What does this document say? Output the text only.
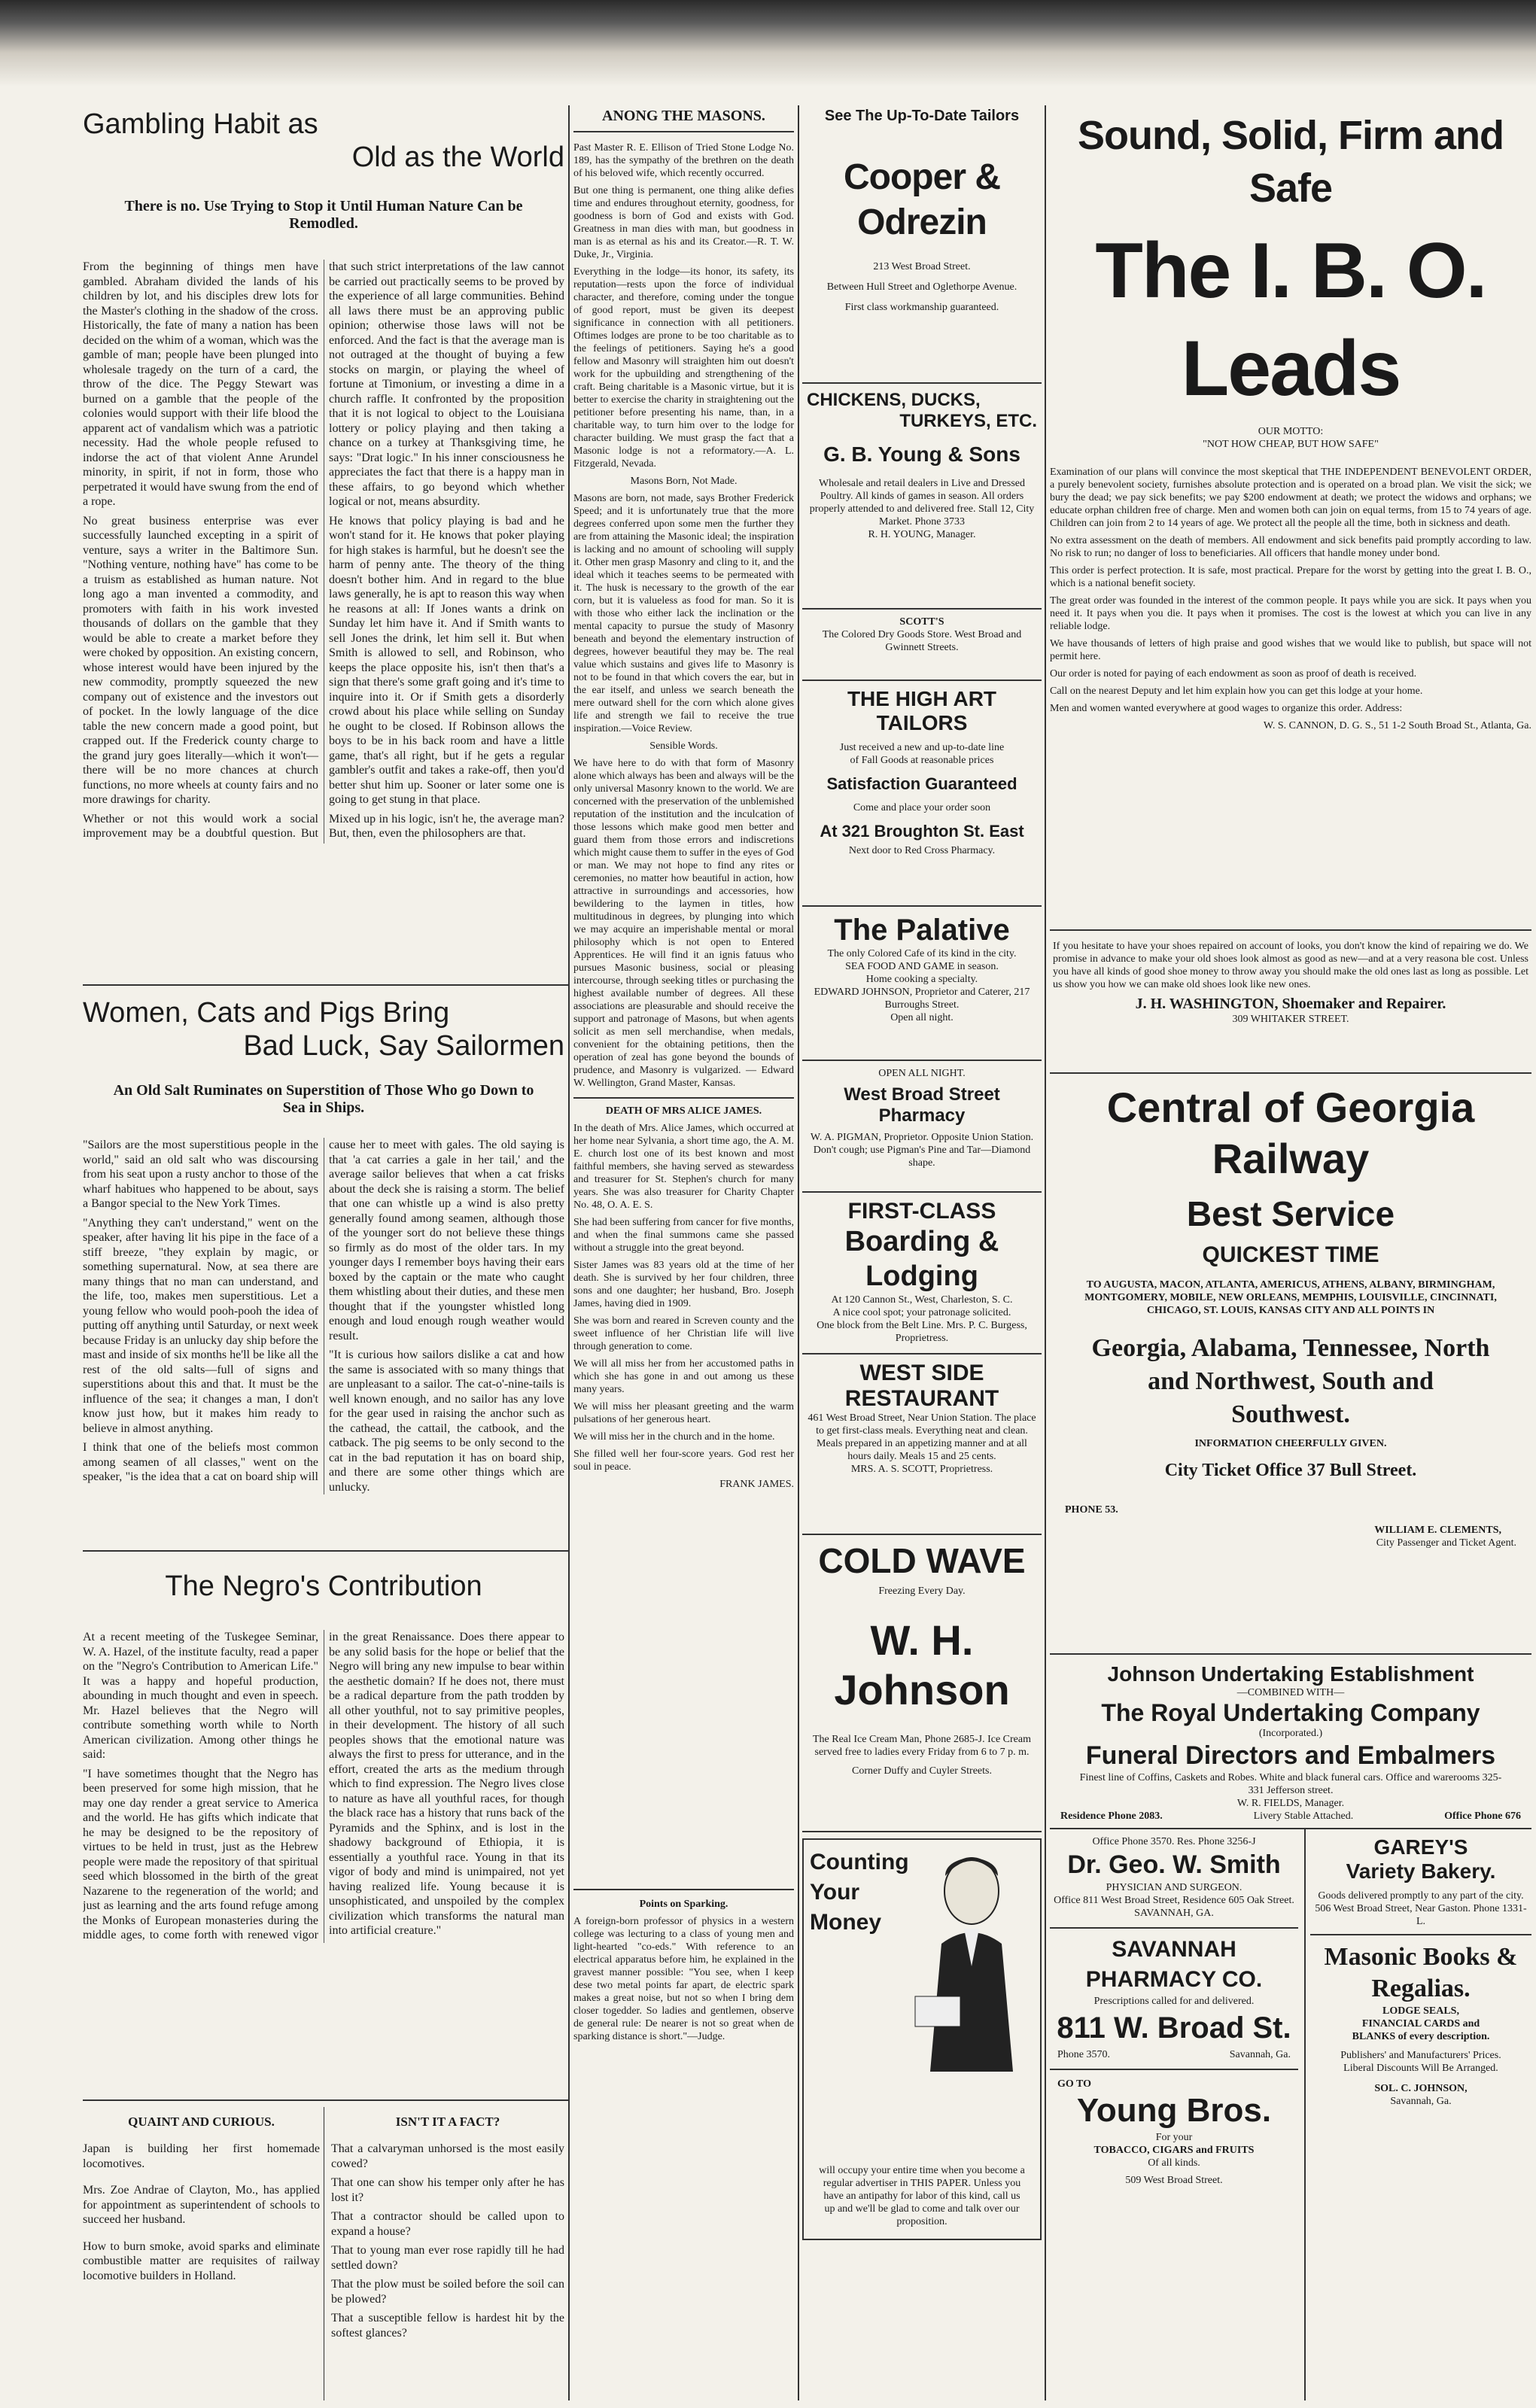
Gambling Habit as
Old as the World
There is no. Use Trying to Stop it Until Human Nature Can be Remodled.

From the beginning of things men have gambled. Abraham divided the lands of his children by lot, and his disciples drew lots for the Master's clothing in the shadow of the cross. Historically, the fate of many a nation has been decided on the whim of a woman, which was the gamble of man; people have been plunged into wholesale tragedy on the turn of a card, the throw of the dice. The Peggy Stewart was burned on a gamble that the people of the colonies would support with their life blood the apparent act of vandalism which was a patriotic necessity. Had the whole people refused to indorse the act of that violent Anne Arundel minority, in spirit, if not in form, those who perpetrated it would have swung from the end of a rope.

No great business enterprise was ever successfully launched excepting in a spirit of venture, says a writer in the Baltimore Sun. "Nothing venture, nothing have" has come to be a truism as established as human nature. Not long ago a man invented a commodity, and promoters with faith in his work invested thousands of dollars on the gamble that they would be able to create a market before they were choked by opposition. An existing concern, whose interest would have been injured by the new commodity, promptly squeezed the new company out of existence and the investors out of pocket. In the lowly language of the dice table the new concern made a good point, but crapped out. If the Frederick county charge to the grand jury goes literally—which it won't—there will be no more chances at church functions, no more wheels at county fairs and no more drawings for charity.

Whether or not this would work a social improvement may be a doubtful question. But that such strict interpretations of the law cannot be carried out practically seems to be proved by the experience of all large communities. Behind all laws there must be an approving public opinion; otherwise those laws will not be enforced. And the fact is that the average man is not outraged at the thought of buying a few stocks on margin, or playing the wheel of fortune at Timonium, or investing a dime in a church raffle. It confronted by the proposition that it is not logical to object to the Louisiana lottery or policy playing and then taking a chance on a turkey at Thanksgiving time, he says: "Drat logic." In his inner consciousness he appreciates the fact that there is a happy man in these affairs, to go beyond which whether logical or not, means absurdity.

He knows that policy playing is bad and he won't stand for it. He knows that poker playing for high stakes is harmful, but he doesn't see the harm of penny ante. The theory of the thing doesn't bother him. And in regard to the blue laws generally, he is apt to reason this way when he reasons at all: If Jones wants a drink on Sunday let him have it. And if Smith wants to sell Jones the drink, let him sell it. But when Smith is allowed to sell, and Robinson, who keeps the place opposite his, isn't then that's a sign that there's some graft going and it's time to inquire into it. Or if Smith gets a disorderly crowd about his place while selling on Sunday he ought to be closed. If Robinson allows the boys to be in his back room and have a little game, that's all right, but if he gets a regular gambler's outfit and takes a rake-off, then you'd better shut him up. Sooner or later some one is going to get stung in that place.

Mixed up in his logic, isn't he, the average man? But, then, even the philosophers are that.

Women, Cats and Pigs Bring
Bad Luck, Say Sailormen
An Old Salt Ruminates on Superstition of Those Who go Down to Sea in Ships.

"Sailors are the most superstitious people in the world," said an old salt who was discoursing from his seat upon a rusty anchor to those of the wharf habitues who happened to be about, says a Bangor special to the New York Times.

"Anything they can't understand," went on the speaker, after having lit his pipe in the face of a stiff breeze, "they explain by magic, or something supernatural. Now, at sea there are many things that no man can understand, and the life, too, makes men superstitious. Let a young fellow who would pooh-pooh the idea of putting off anything until Saturday, or next week because Friday is an unlucky day ship before the mast and inside of six months he'll be like all the rest of the old salts—full of signs and superstitions about this and that. It must be the influence of the sea; it changes a man, I don't know just how, but it makes him ready to believe in almost anything.

I think that one of the beliefs most common among seamen of all classes," went on the speaker, "is the idea that a cat on board ship will cause her to meet with gales. The old saying is that 'a cat carries a gale in her tail,' and the average sailor believes that when a cat frisks about the deck she is raising a storm. The belief that one can whistle up a wind is also pretty generally found among seamen, although those of the younger sort do not believe these things so firmly as do most of the older tars. In my younger days I remember boys having their ears boxed by the captain or the mate who caught them whistling about their duties, and these men thought that if the youngster whistled long enough and loud enough rough weather would result.

"It is curious how sailors dislike a cat and how the same is associated with so many things that are unpleasant to a sailor. The cat-o'-nine-tails is well known enough, and no sailor has any love for the gear used in raising the anchor such as the cathead, the cattail, the catbook, and the catback. The pig seems to be only second to the cat in the bad reputation it has on board ship, and there are some other things which are unlucky.

The Negro's Contribution

At a recent meeting of the Tuskegee Seminar, W. A. Hazel, of the institute faculty, read a paper on the "Negro's Contribution to American Life." It was a happy and hopeful production, abounding in much thought and even in speech. Mr. Hazel believes that the Negro will contribute something worth while to North American civilization. Among other things he said:

"I have sometimes thought that the Negro has been preserved for some high mission, that he may one day render a great service to America and the world. He has gifts which indicate that he may be designed to be the repository of virtues to be held in trust, just as the Hebrew people were made the repository of that spiritual seed which blossomed in the birth of the great Nazarene to the regeneration of the world; and just as learning and the arts found refuge among the Monks of European monasteries during the middle ages, to come forth with renewed vigor in the great Renaissance. Does there appear to be any solid basis for the hope or belief that the Negro will bring any new impulse to bear within the aesthetic domain? If he does not, there must be a radical departure from the path trodden by all other youthful, not to say primitive peoples, in their development. The history of all such peoples shows that the emotional nature was always the first to press for utterance, and in the effort, created the arts as the medium through which to find expression. The Negro lives close to nature as have all youthful races, for though the black race has a history that runs back of the Pyramids and the Sphinx, and is lost in the shadowy background of Ethiopia, it is essentially a youthful race. Young in that its vigor of body and mind is unimpaired, not yet having realized life. Young because it is unsophisticated, and unspoiled by the complex civilization which transforms the natural man into artificial creature."

QUAINT AND CURIOUS.

Japan is building her first homemade locomotives.

Mrs. Zoe Andrae of Clayton, Mo., has applied for appointment as superintendent of schools to succeed her husband.

How to burn smoke, avoid sparks and eliminate combustible matter are requisites of railway locomotive builders in Holland.

ISN'T IT A FACT?

That a calvaryman unhorsed is the most easily cowed?

That one can show his temper only after he has lost it?

That a contractor should be called upon to expand a house?

That to young man ever rose rapidly till he had settled down?

That the plow must be soiled before the soil can be plowed?

That a susceptible fellow is hardest hit by the softest glances?

ANONG THE MASONS.

Past Master R. E. Ellison of Tried Stone Lodge No. 189, has the sympathy of the brethren on the death of his beloved wife, which recently occurred.

But one thing is permanent, one thing alike defies time and endures throughout eternity, goodness, for goodness is born of God and exists with God. Greatness in man dies with man, but goodness in man is as eternal as his and its Creator.—R. T. W. Duke, Jr., Virginia.

Everything in the lodge—its honor, its safety, its reputation—rests upon the force of individual character, and therefore, coming under the tongue of good report, must be given its deepest significance in connection with all petitioners. Oftimes lodges are prone to be too charitable as to the feelings of petitioners. Saying he's a good fellow and Masonry will straighten him out doesn't work for the upbuilding and strengthening of the craft. Being charitable is a Masonic virtue, but it is better to exercise the charity in straightening out the petitioner before presenting his name, than, in a charitable way, to turn him over to the lodge for character building. We must grasp the fact that a Masonic lodge is not a reformatory.—A. L. Fitzgerald, Nevada.

Masons Born, Not Made.

Masons are born, not made, says Brother Frederick Speed; and it is unfortunately true that the more degrees conferred upon some men the further they are from attaining the Masonic ideal; the inspiration is lacking and no amount of schooling will supply it. Other men grasp Masonry and cling to it, and the ideal which it teaches seems to be permeated with it. The husk is necessary to the growth of the ear corn, but it is valueless as food for man. So it is with those who either lack the inclination or the mental capacity to pursue the study of Masonry beneath and beyond the elementary instruction of degrees, however beautiful they may be. The real value which sustains and gives life to Masonry is not to be found in that which covers the ear, but in the ear itself, and unless we search beneath the mere outward shell for the corn which alone gives life and strength we fail to receive the true inspiration.—Voice Review.

Sensible Words.

We have here to do with that form of Masonry alone which always has been and always will be the only universal Masonry known to the world. We are concerned with the preservation of the unblemished reputation of the institution and the inculcation of those lessons which make good men better and guard them from those errors and indiscretions which might cause them to suffer in the eyes of God or man. We may not hope to find any rites or ceremonies, no matter how beautiful in action, how attractive in surroundings and accessories, how bewildering to the laymen in titles, how multitudinous in degrees, by plunging into which we may acquire an imperishable mental or moral philosophy which is not open to Entered Apprentices. He will find it an ignis fatuus who pursues Masonic business, social or pleasing intercourse, through seeking titles or purchasing the highest available number of degrees. All these associations are pleasurable and should receive the support and patronage of Masons, but when agents solicit as men sell merchandise, when medals, convenient for the obtaining petitions, then the operation of zeal has gone beyond the bounds of prudence, and Masonry is vulgarized. — Edward W. Wellington, Grand Master, Kansas.

DEATH OF MRS ALICE JAMES.

In the death of Mrs. Alice James, which occurred at her home near Sylvania, a short time ago, the A. M. E. church lost one of its best known and most faithful members, she having served as stewardess and treasurer for St. Stephen's church for many years. She was also treasurer for Charity Chapter No. 48, O. A. E. S.

She had been suffering from cancer for five months, and when the final summons came she passed without a struggle into the great beyond.

Sister James was 83 years old at the time of her death. She is survived by her four children, three sons and one daughter; her husband, Bro. Joseph James, having died in 1909.

She was born and reared in Screven county and the sweet influence of her Christian life will live through generation to come.

We will all miss her from her accustomed paths in which she has gone in and out among us these many years.

We will miss her pleasant greeting and the warm pulsations of her generous heart.

We will miss her in the church and in the home.

She filled well her four-score years. God rest her soul in peace.

FRANK JAMES.

Points on Sparking.

A foreign-born professor of physics in a western college was lecturing to a class of young men and light-hearted "co-eds." With reference to an electrical apparatus before him, he explained in the gravest manner possible: "You see, when I keep dese two metal points far apart, de electric spark makes a great noise, but not so when I bring dem closer togedder. So ladies and gentlemen, observe de general rule: De nearer is not so great when de sparking distance is short."—Judge.

See The Up-To-Date Tailors
Cooper & Odrezin
213 West Broad Street.
Between Hull Street and Oglethorpe Avenue.
First class workmanship guaranteed.
CHICKENS, DUCKS,
TURKEYS, ETC.
G. B. Young & Sons
Wholesale and retail dealers in Live and Dressed Poultry. All kinds of games in season. All orders properly attended to and delivered free. Stall 12, City Market. Phone 3733
R. H. YOUNG, Manager.
SCOTT'S
The Colored Dry Goods Store. West Broad and Gwinnett Streets.
THE HIGH ART TAILORS
Just received a new and up-to-date line of Fall Goods at reasonable prices
Satisfaction Guaranteed
Come and place your order soon
At 321 Broughton St. East
Next door to Red Cross Pharmacy.
The Palative
The only Colored Cafe of its kind in the city.
SEA FOOD AND GAME in season.
Home cooking a specialty.
EDWARD JOHNSON, Proprietor and Caterer, 217 Burroughs Street.
Open all night.
OPEN ALL NIGHT.
West Broad Street Pharmacy
W. A. PIGMAN, Proprietor. Opposite Union Station. Don't cough; use Pigman's Pine and Tar—Diamond shape.
FIRST-CLASS
Boarding & Lodging
At 120 Cannon St., West, Charleston, S. C.
A nice cool spot; your patronage solicited.
One block from the Belt Line. Mrs. P. C. Burgess, Proprietress.
WEST SIDE RESTAURANT
461 West Broad Street, Near Union Station. The place to get first-class meals. Everything neat and clean. Meals prepared in an appetizing manner and at all hours daily. Meals 15 and 25 cents.
MRS. A. S. SCOTT, Proprietress.
COLD WAVE
Freezing Every Day.
W. H. Johnson
The Real Ice Cream Man, Phone 2685-J. Ice Cream served free to ladies every Friday from 6 to 7 p. m.
Corner Duffy and Cuyler Streets.
Counting Your Money
will occupy your entire time when you become a regular advertiser in THIS PAPER. Unless you have an antipathy for labor of this kind, call us up and we'll be glad to come and talk over our proposition.
Sound, Solid, Firm and Safe
The I. B. O. Leads
OUR MOTTO:
"NOT HOW CHEAP, BUT HOW SAFE"

Examination of our plans will convince the most skeptical that THE INDEPENDENT BENEVOLENT ORDER, a purely benevolent society, furnishes absolute protection and is operated on a broad plan. We visit the sick; we bury the dead; we pay sick benefits; we pay $200 endowment at death; we protect the widows and orphans; we educate orphan children free of charge. Men and women both can join on equal terms, from 15 to 74 years of age. Children can join from 2 to 14 years of age. We protect all the people all the time, both in sickness and death.

No extra assessment on the death of members. All endowment and sick benefits paid promptly according to law. No risk to run; no danger of loss to beneficiaries. All officers that handle money under bond.

This order is perfect protection. It is safe, most practical. Prepare for the worst by getting into the great I. B. O., which is a national benefit society.

The great order was founded in the interest of the common people. It pays while you are sick. It pays when you need it. It pays when you die. It pays when it promises. The cost is the lowest at which you can live in any reliable lodge.

We have thousands of letters of high praise and good wishes that we would like to publish, but space will not permit here.

Our order is noted for paying of each endowment as soon as proof of death is received.

Call on the nearest Deputy and let him explain how you can get this lodge at your home.

Men and women wanted everywhere at good wages to organize this order. Address:

W. S. CANNON, D. G. S., 51 1-2 South Broad St., Atlanta, Ga.

If you hesitate to have your shoes repaired on account of looks, you don't know the kind of repairing we do. We promise in advance to make your old shoes look almost as good as new—and at a very reasona ble cost. Unless you have all kinds of good shoe money to throw away you should make the old ones last as long as possible. Let us show you how we can make old shoes look like new ones.

J. H. WASHINGTON, Shoemaker and Repairer.
309 WHITAKER STREET.
Central of Georgia
Railway
Best Service
QUICKEST TIME
TO AUGUSTA, MACON, ATLANTA, AMERICUS, ATHENS, ALBANY, BIRMINGHAM, MONTGOMERY, MOBILE, NEW ORLEANS, MEMPHIS, LOUISVILLE, CINCINNATI, CHICAGO, ST. LOUIS, KANSAS CITY AND ALL POINTS IN
Georgia, Alabama, Tennessee, North
and Northwest, South and
Southwest.
INFORMATION CHEERFULLY GIVEN.
City Ticket Office 37 Bull Street.
PHONE 53.
WILLIAM E. CLEMENTS,
City Passenger and Ticket Agent.
Johnson Undertaking Establishment
—COMBINED WITH—
The Royal Undertaking Company
(Incorporated.)
Funeral Directors and Embalmers
Finest line of Coffins, Caskets and Robes. White and black funeral cars. Office and warerooms 325-331 Jefferson street.
W. R. FIELDS, Manager.
Residence Phone 2083.	Livery Stable Attached.	Office Phone 676
Office Phone 3570. Res. Phone 3256-J
Dr. Geo. W. Smith
PHYSICIAN AND SURGEON.
Office 811 West Broad Street, Residence 605 Oak Street.
SAVANNAH, GA.
SAVANNAH PHARMACY CO.
Prescriptions called for and delivered.
811 W. Broad St.
Phone 3570.	Savannah, Ga.
GO TO
Young Bros.
For your
TOBACCO, CIGARS and FRUITS
Of all kinds.
509 West Broad Street.
GAREY'S
Variety Bakery.
Goods delivered promptly to any part of the city. 506 West Broad Street, Near Gaston. Phone 1331-L.
Masonic Books &
Regalias.
LODGE SEALS,
FINANCIAL CARDS and
BLANKS of every description.
Publishers' and Manufacturers' Prices.
Liberal Discounts Will Be Arranged.
SOL. C. JOHNSON,
Savannah, Ga.
